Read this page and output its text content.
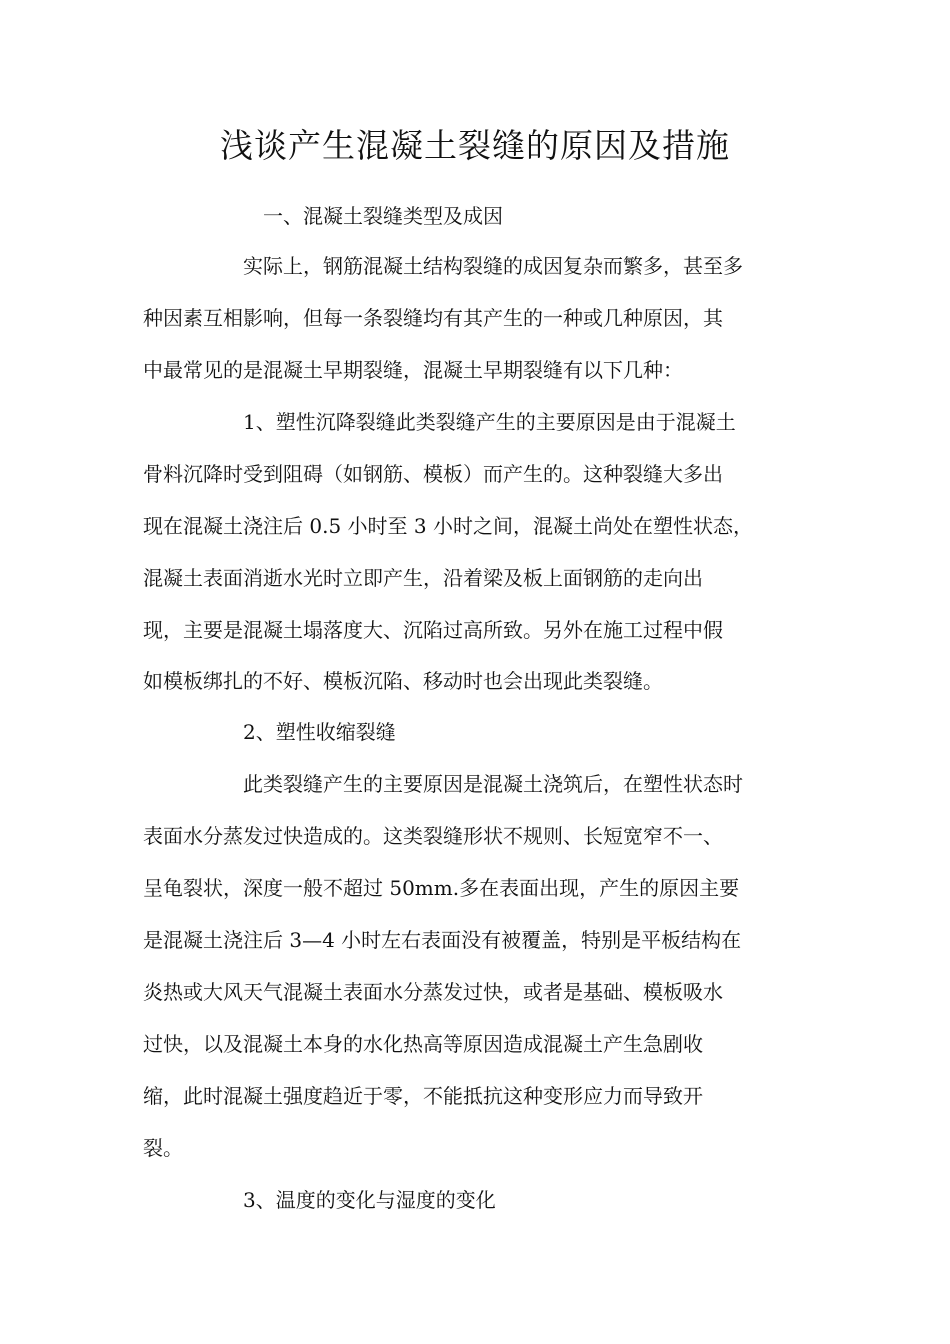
浅谈产生混凝土裂缝的原因及措施
一、混凝土裂缝类型及成因
实际上，钢筋混凝土结构裂缝的成因复杂而繁多，甚至多
种因素互相影响，但每一条裂缝均有其产生的一种或几种原因，其
中最常见的是混凝土早期裂缝，混凝土早期裂缝有以下几种：
1、塑性沉降裂缝此类裂缝产生的主要原因是由于混凝土
骨料沉降时受到阻碍（如钢筋、模板）而产生的。这种裂缝大多出
现在混凝土浇注后 0.5 小时至 3 小时之间，混凝土尚处在塑性状态，
混凝土表面消逝水光时立即产生，沿着梁及板上面钢筋的走向出
现，主要是混凝土塌落度大、沉陷过高所致。另外在施工过程中假
如模板绑扎的不好、模板沉陷、移动时也会出现此类裂缝。
2、塑性收缩裂缝
此类裂缝产生的主要原因是混凝土浇筑后，在塑性状态时
表面水分蒸发过快造成的。这类裂缝形状不规则、长短宽窄不一、
呈龟裂状，深度一般不超过 50mm.多在表面出现，产生的原因主要
是混凝土浇注后 3—4 小时左右表面没有被覆盖，特别是平板结构在
炎热或大风天气混凝土表面水分蒸发过快，或者是基础、模板吸水
过快，以及混凝土本身的水化热高等原因造成混凝土产生急剧收
缩，此时混凝土强度趋近于零，不能抵抗这种变形应力而导致开
裂。
3、温度的变化与湿度的变化
